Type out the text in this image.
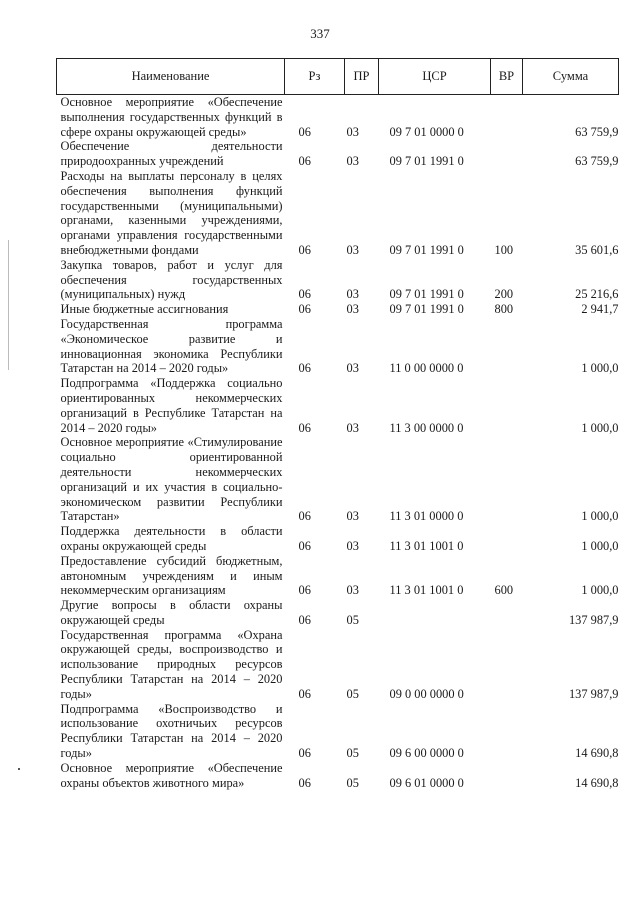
337
Наименование	Рз	ПР	ЦСР	ВР	Сумма
Основное мероприятие «Обеспечение выполнения государственных функций в сфере охраны окружающей среды»	06	03	09 7 01 0000 0		63 759,9
Обеспечение деятельности природоохранных учреждений	06	03	09 7 01 1991 0		63 759,9
Расходы на выплаты персоналу в целях обеспечения выполнения функций государственными (муниципальными) органами, казенными учреждениями, органами управления государственными внебюджетными фондами	06	03	09 7 01 1991 0	100	35 601,6
Закупка товаров, работ и услуг для обеспечения государственных (муниципальных) нужд	06	03	09 7 01 1991 0	200	25 216,6
Иные бюджетные ассигнования	06	03	09 7 01 1991 0	800	2 941,7
Государственная программа «Экономическое развитие и инновационная экономика Республики Татарстан на 2014 – 2020 годы»	06	03	11 0 00 0000 0		1 000,0
Подпрограмма «Поддержка социально ориентированных некоммерческих организаций в Республике Татарстан на 2014 – 2020 годы»	06	03	11 3 00 0000 0		1 000,0
Основное мероприятие «Стимулирование социально ориентированной деятельности некоммерческих организаций и их участия в социально-экономическом развитии Республики Татарстан»	06	03	11 3 01 0000 0		1 000,0
Поддержка деятельности в области охраны окружающей среды	06	03	11 3 01 1001 0		1 000,0
Предоставление субсидий бюджетным, автономным учреждениям и иным некоммерческим организациям	06	03	11 3 01 1001 0	600	1 000,0
Другие вопросы в области охраны окружающей среды	06	05			137 987,9
Государственная программа «Охрана окружающей среды, воспроизводство и использование природных ресурсов Республики Татарстан на 2014 – 2020 годы»	06	05	09 0 00 0000 0		137 987,9
Подпрограмма «Воспроизводство и использование охотничьих ресурсов Республики Татарстан на 2014 – 2020 годы»	06	05	09 6 00 0000 0		14 690,8
Основное мероприятие «Обеспечение охраны объектов животного мира»	06	05	09 6 01 0000 0		14 690,8
